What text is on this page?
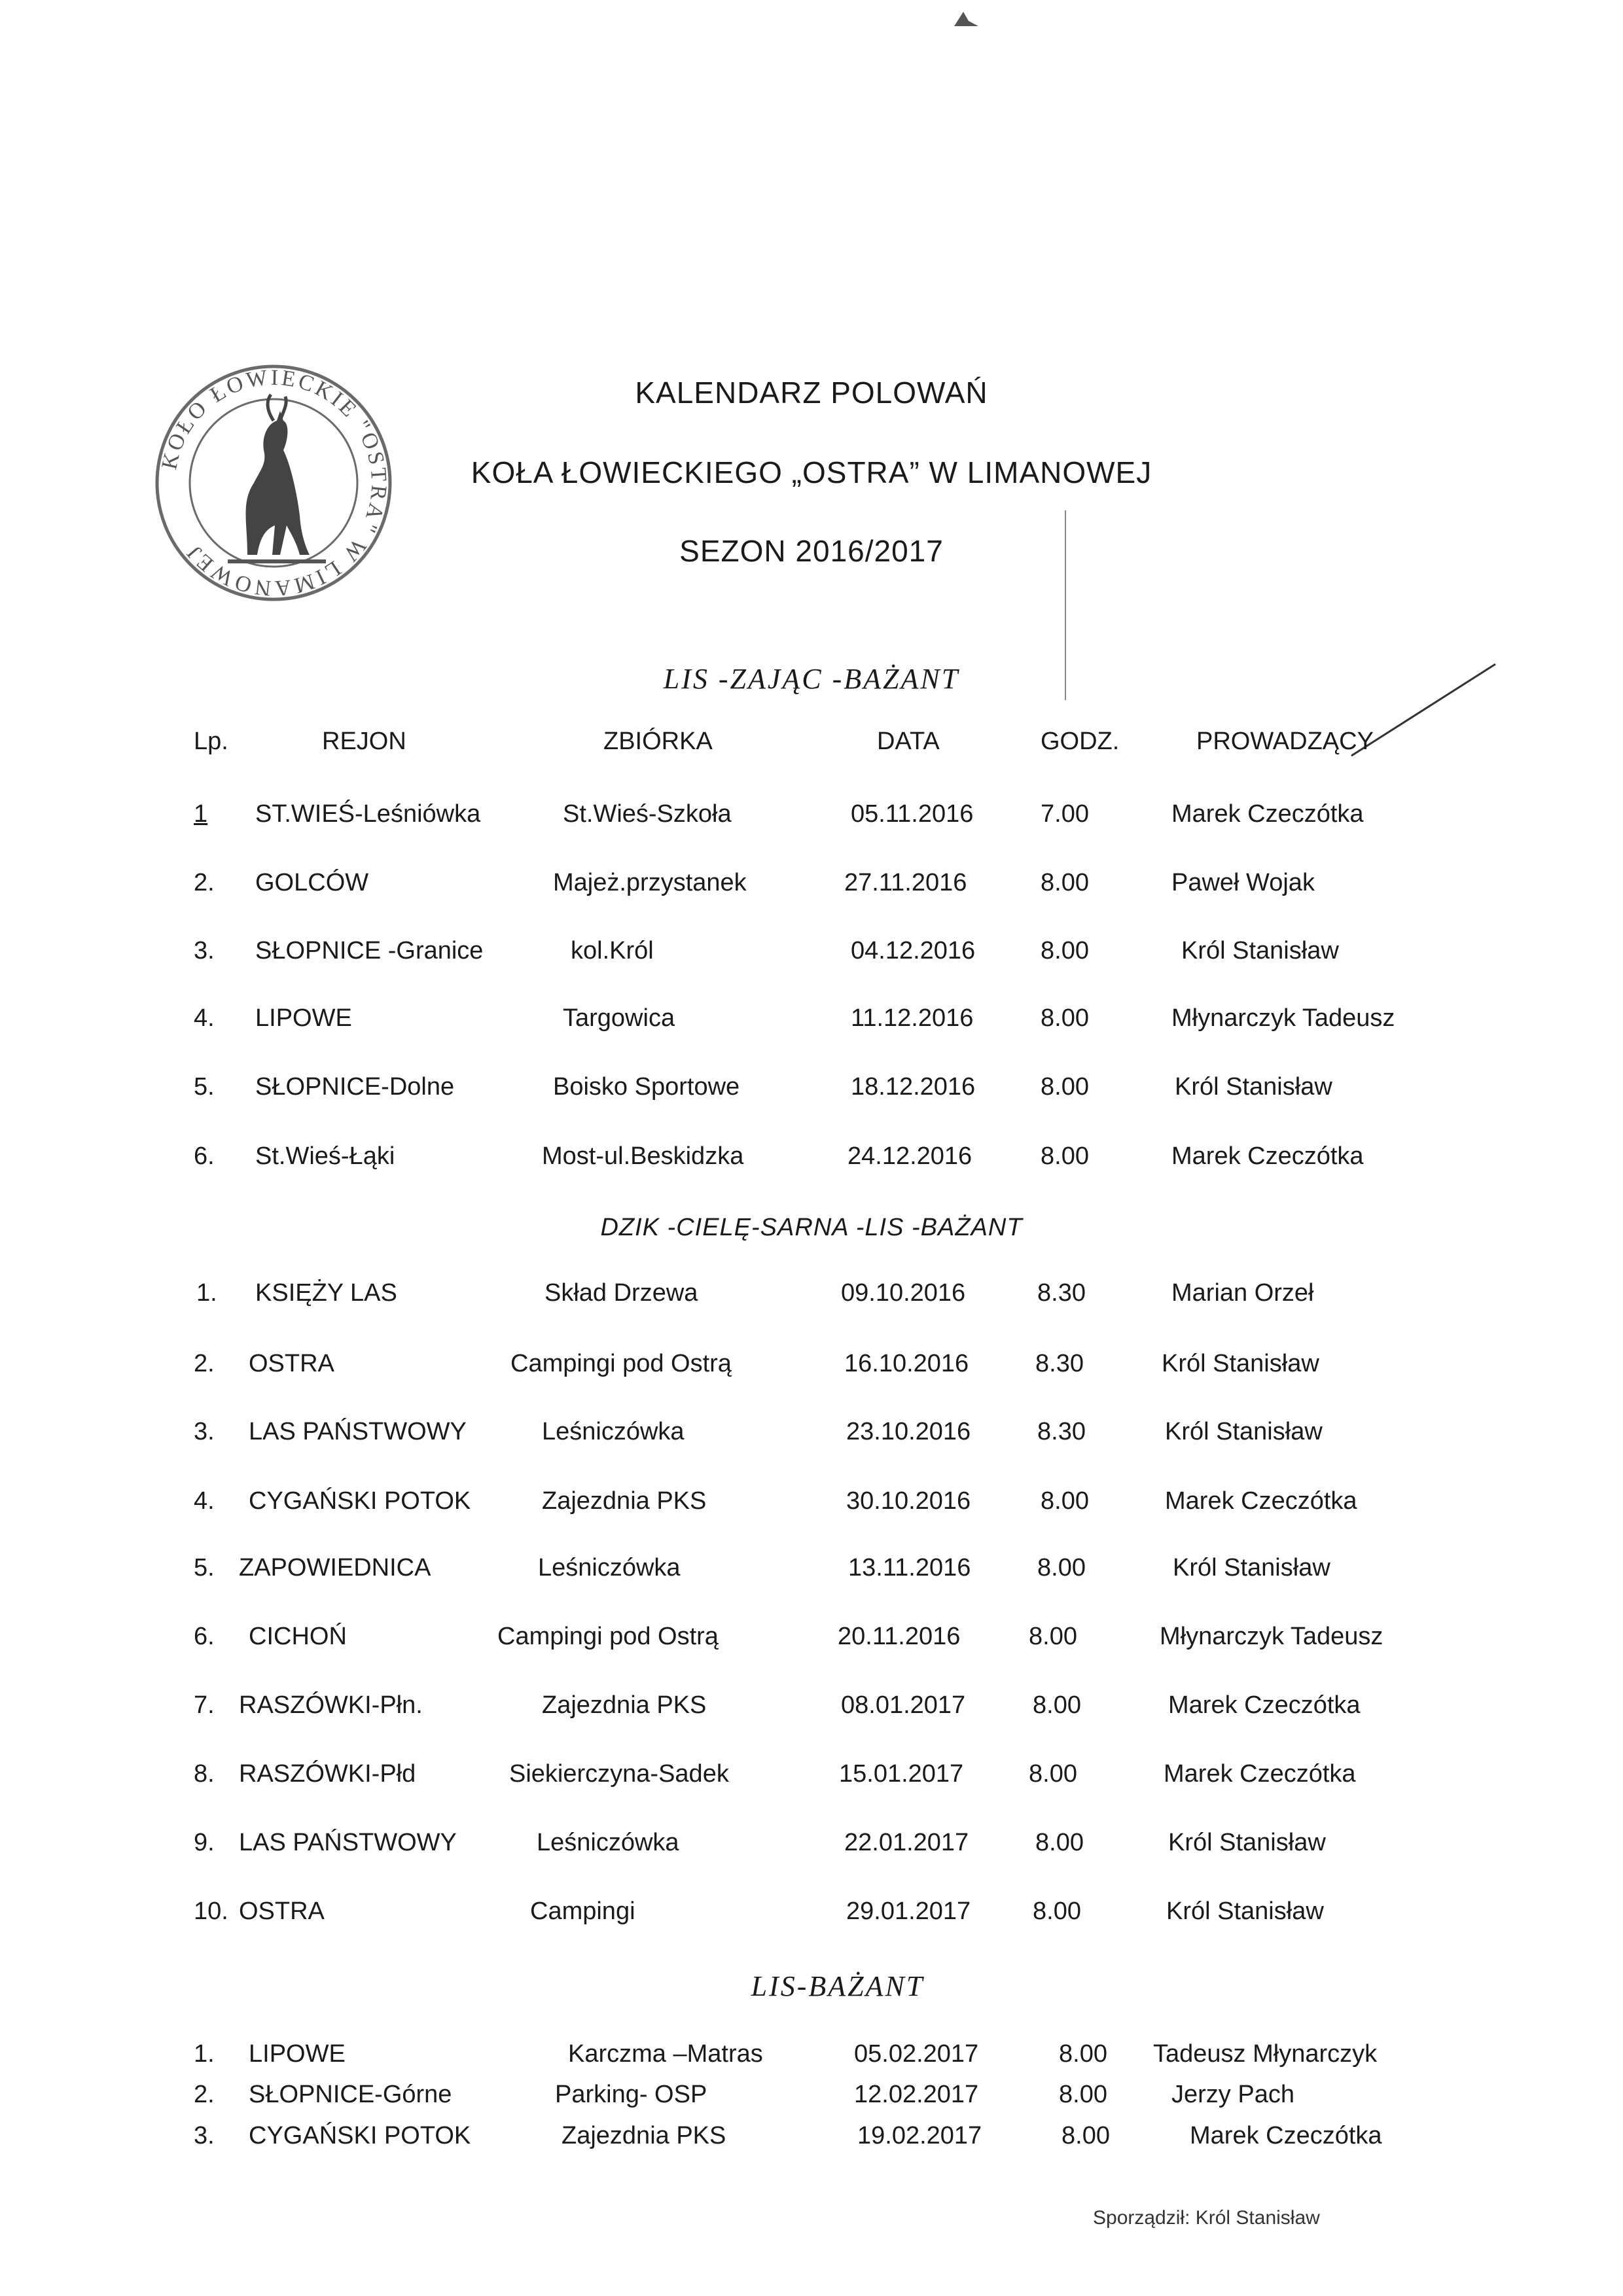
KOŁO ŁOWIECKIE "OSTRA" W LIMANOWEJ
KALENDARZ POLOWAŃ
KOŁA ŁOWIECKIEGO „OSTRA” W LIMANOWEJ
SEZON 2016/2017
LIS -ZAJĄC -BAŻANT
Lp.	REJON	ZBIÓRKA	DATA	GODZ.	PROWADZĄCY
1 ST.WIEŚ-Leśniówka	St.Wieś-Szkoła	05.11.2016	7.00	Marek Czeczótka
2. GOLCÓW	Majeż.przystanek	27.11.2016	8.00	Paweł Wojak
3. SŁOPNICE -Granice	kol.Król	04.12.2016	8.00	Król Stanisław
4. LIPOWE	Targowica	11.12.2016	8.00	Młynarczyk Tadeusz
5. SŁOPNICE-Dolne	Boisko Sportowe	18.12.2016	8.00	Król Stanisław
6. St.Wieś-Łąki	Most-ul.Beskidzka	24.12.2016	8.00	Marek Czeczótka
DZIK -CIELĘ-SARNA -LIS -BAŻANT
1. KSIĘŻY LAS	Skład Drzewa	09.10.2016	8.30	Marian Orzeł
2. OSTRA	Campingi pod Ostrą	16.10.2016	8.30	Król Stanisław
3. LAS PAŃSTWOWY	Leśniczówka	23.10.2016	8.30	Król Stanisław
4. CYGAŃSKI POTOK	Zajezdnia PKS	30.10.2016	8.00	Marek Czeczótka
5. ZAPOWIEDNICA	Leśniczówka	13.11.2016	8.00	Król Stanisław
6. CICHOŃ	Campingi pod Ostrą	20.11.2016	8.00	Młynarczyk Tadeusz
7. RASZÓWKI-Płn.	Zajezdnia PKS	08.01.2017	8.00	Marek Czeczótka
8. RASZÓWKI-Płd	Siekierczyna-Sadek	15.01.2017	8.00	Marek Czeczótka
9. LAS PAŃSTWOWY	Leśniczówka	22.01.2017	8.00	Król Stanisław
10. OSTRA	Campingi	29.01.2017 8.00	Król Stanisław
LIS-BAŻANT
1. LIPOWE	Karczma –Matras	05.02.2017	8.00 Tadeusz Młynarczyk
2. SŁOPNICE-Górne	Parking- OSP	12.02.2017	8.00	Jerzy Pach
3. CYGAŃSKI POTOK	Zajezdnia PKS	19.02.2017	8.00	Marek Czeczótka
Sporządził: Król Stanisław
